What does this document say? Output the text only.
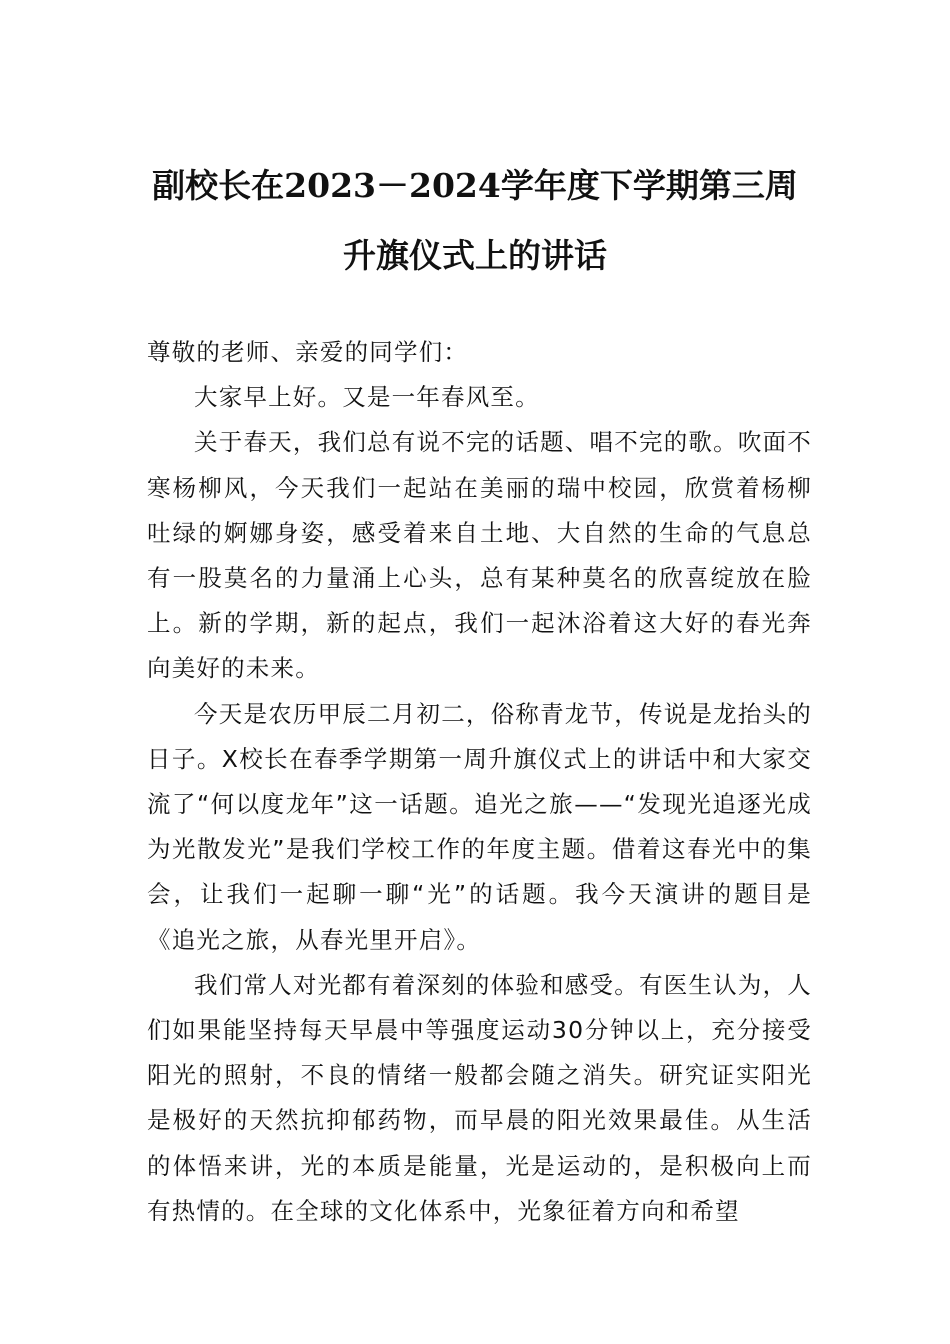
副校长在2023－2024学年度下学期第三周
升旗仪式上的讲话

尊敬的老师、亲爱的同学们：

大家早上好。又是一年春风至。

关于春天，我们总有说不完的话题、唱不完的歌。吹面不寒杨柳风，今天我们一起站在美丽的瑞中校园，欣赏着杨柳吐绿的婀娜身姿，感受着来自土地、大自然的生命的气息总有一股莫名的力量涌上心头，总有某种莫名的欣喜绽放在脸上。新的学期，新的起点，我们一起沐浴着这大好的春光奔向美好的未来。

今天是农历甲辰二月初二，俗称青龙节，传说是龙抬头的日子。X校长在春季学期第一周升旗仪式上的讲话中和大家交流了“何以度龙年”这一话题。追光之旅——“发现光追逐光成为光散发光”是我们学校工作的年度主题。借着这春光中的集会，让我们一起聊一聊“光”的话题。我今天演讲的题目是《追光之旅，从春光里开启》。

我们常人对光都有着深刻的体验和感受。有医生认为，人们如果能坚持每天早晨中等强度运动30分钟以上，充分接受阳光的照射，不良的情绪一般都会随之消失。研究证实阳光是极好的天然抗抑郁药物，而早晨的阳光效果最佳。从生活的体悟来讲，光的本质是能量，光是运动的，是积极向上而有热情的。在全球的文化体系中，光象征着方向和希望
